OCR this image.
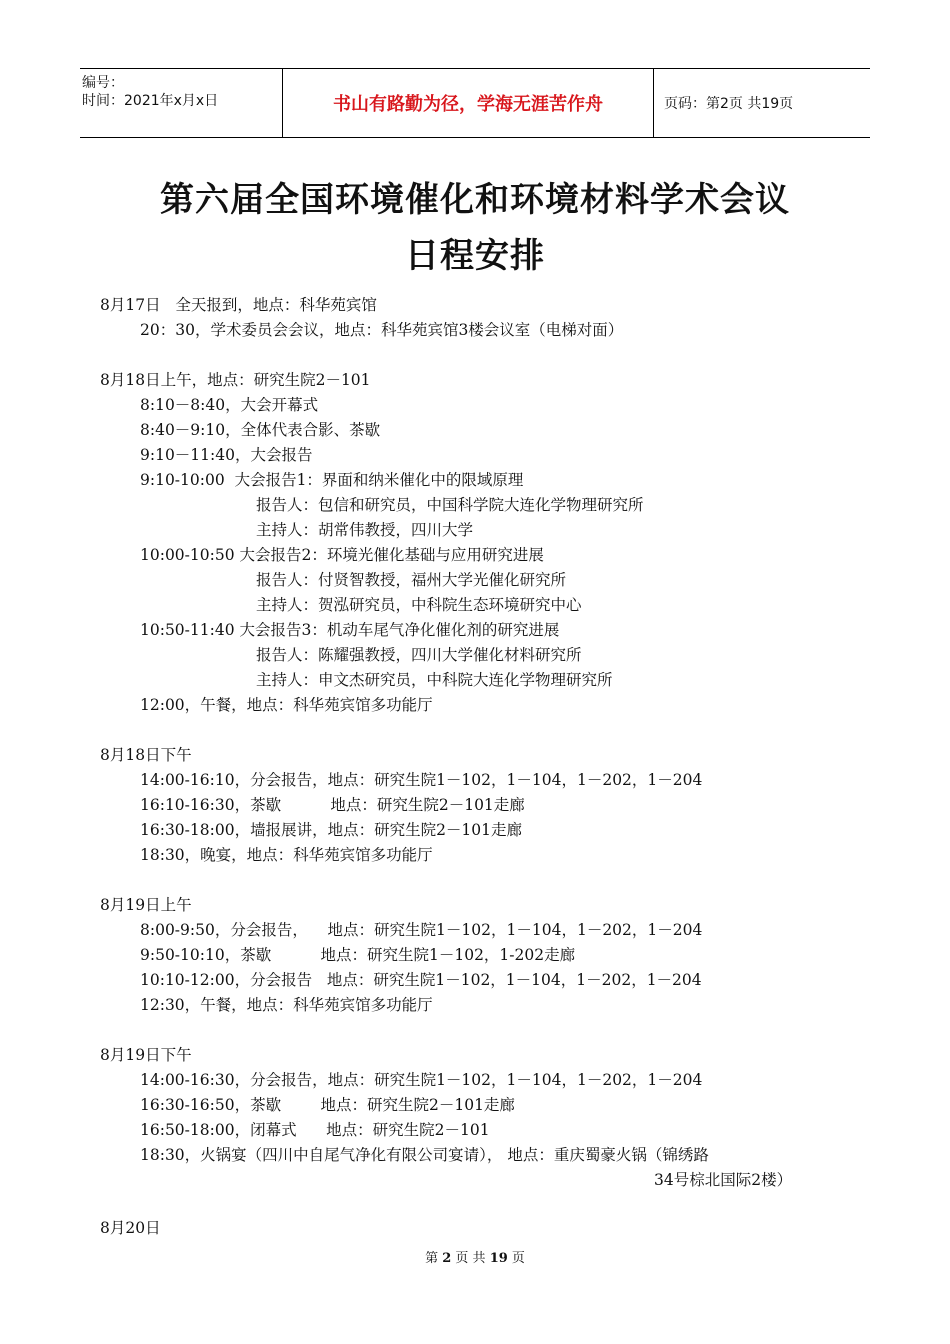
编号：
时间：2021年x月x日	书山有路勤为径，学海无涯苦作舟	页码：第2页 共19页
第六届全国环境催化和环境材料学术会议
日程安排
8月17日   全天报到，地点：科华苑宾馆
20：30，学术委员会会议，地点：科华苑宾馆3楼会议室（电梯对面）
8月18日上午，地点：研究生院2－101
8:10－8:40，大会开幕式
8:40－9:10，全体代表合影、茶歇
9:10－11:40，大会报告
9:10-10:00  大会报告1：界面和纳米催化中的限域原理
报告人：包信和研究员，中国科学院大连化学物理研究所
主持人：胡常伟教授，四川大学
10:00-10:50 大会报告2：环境光催化基础与应用研究进展
报告人：付贤智教授，福州大学光催化研究所
主持人：贺泓研究员，中科院生态环境研究中心
10:50-11:40 大会报告3：机动车尾气净化催化剂的研究进展
报告人：陈耀强教授，四川大学催化材料研究所
主持人：申文杰研究员，中科院大连化学物理研究所
12:00，午餐，地点：科华苑宾馆多功能厅
8月18日下午
14:00-16:10，分会报告，地点：研究生院1－102，1－104，1－202，1－204
16:10-16:30，茶歇          地点：研究生院2－101走廊
16:30-18:00，墙报展讲，地点：研究生院2－101走廊
18:30，晚宴，地点：科华苑宾馆多功能厅
8月19日上午
8:00-9:50，分会报告，    地点：研究生院1－102，1－104，1－202，1－204
9:50-10:10，茶歇          地点：研究生院1－102，1-202走廊
10:10-12:00，分会报告   地点：研究生院1－102，1－104，1－202，1－204
12:30，午餐，地点：科华苑宾馆多功能厅
8月19日下午
14:00-16:30，分会报告，地点：研究生院1－102，1－104，1－202，1－204
16:30-16:50，茶歇        地点：研究生院2－101走廊
16:50-18:00，闭幕式      地点：研究生院2－101
18:30，火锅宴（四川中自尾气净化有限公司宴请）， 地点：重庆蜀豪火锅（锦绣路
34号棕北国际2楼）
8月20日
第 2 页 共 19 页
